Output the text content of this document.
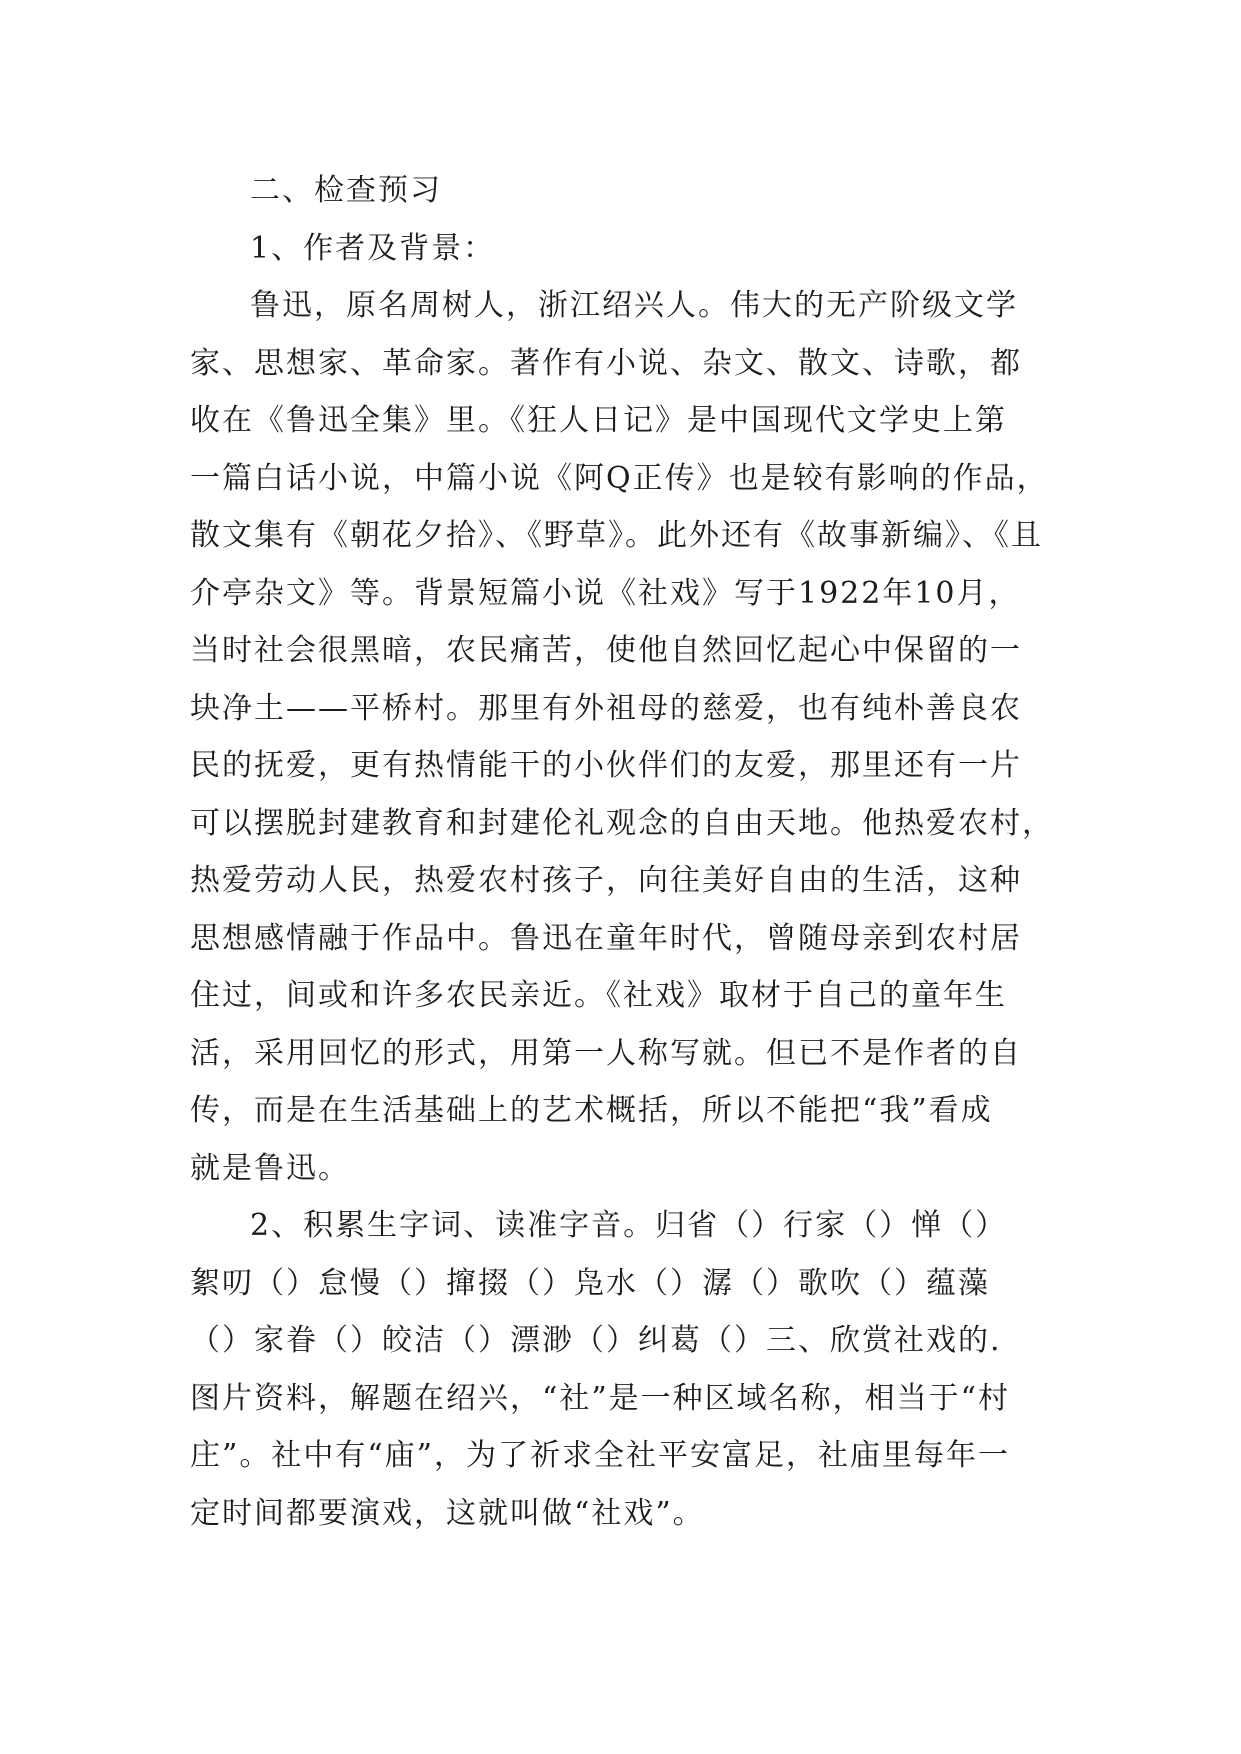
二、检查预习
1、作者及背景：
鲁迅，原名周树人，浙江绍兴人。伟大的无产阶级文学
家、思想家、革命家。著作有小说、杂文、散文、诗歌，都
收在《鲁迅全集》里。《狂人日记》是中国现代文学史上第
一篇白话小说，中篇小说《阿Q正传》也是较有影响的作品，
散文集有《朝花夕拾》、《野草》。此外还有《故事新编》、《且
介亭杂文》等。背景短篇小说《社戏》写于1922年10月，
当时社会很黑暗，农民痛苦，使他自然回忆起心中保留的一
块净土——平桥村。那里有外祖母的慈爱，也有纯朴善良农
民的抚爱，更有热情能干的小伙伴们的友爱，那里还有一片
可以摆脱封建教育和封建伦礼观念的自由天地。他热爱农村，
热爱劳动人民，热爱农村孩子，向往美好自由的生活，这种
思想感情融于作品中。鲁迅在童年时代，曾随母亲到农村居
住过，间或和许多农民亲近。《社戏》取材于自己的童年生
活，采用回忆的形式，用第一人称写就。但已不是作者的自
传，而是在生活基础上的艺术概括，所以不能把“我”看成
就是鲁迅。
2、积累生字词、读准字音。归省（）行家（）惮（）
絮叨（）怠慢（）撺掇（）凫水（）潺（）歌吹（）蕴藻
（）家眷（）皎洁（）漂渺（）纠葛（）三、欣赏社戏的.
图片资料，解题在绍兴，“社”是一种区域名称，相当于“村
庄”。社中有“庙”，为了祈求全社平安富足，社庙里每年一
定时间都要演戏，这就叫做“社戏”。
